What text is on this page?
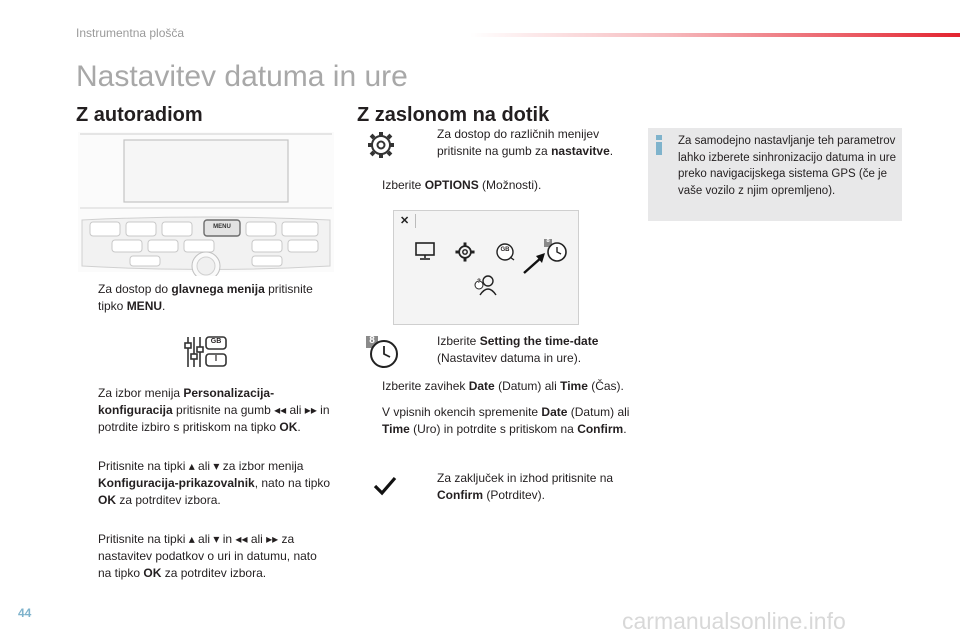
Instrumentna plošča
Nastavitev datuma in ure
Z autoradiom
MENU
Za dostop do glavnega menija pritisnite tipko MENU.
GB
I
Za izbor menija Personalizacija-konfiguracija pritisnite na gumb ◂◂ ali ▸▸ in potrdite izbiro s pritiskom na tipko OK.
Pritisnite na tipki ▴ ali ▾ za izbor menija Konfiguracija-prikazovalnik, nato na tipko OK za potrditev izbora.
Pritisnite na tipki ▴ ali ▾ in ◂◂ ali ▸▸ za nastavitev podatkov o uri in datumu, nato na tipko OK za potrditev izbora.
Z zaslonom na dotik
Za dostop do različnih menijev pritisnite na gumb za nastavitve.
Izberite OPTIONS (Možnosti).
✕
GB
8
?
8	Izberite Setting the time-date (Nastavitev datuma in ure).
Izberite zavihek Date (Datum) ali Time (Čas).
V vpisnih okencih spremenite Date (Datum) ali Time (Uro) in potrdite s pritiskom na Confirm.
Za zaključek in izhod pritisnite na Confirm (Potrditev).
Za samodejno nastavljanje teh parametrov lahko izberete sinhronizacijo datuma in ure preko navigacijskega sistema GPS (če je vaše vozilo z njim opremljeno).
44	carmanualsonline.info
